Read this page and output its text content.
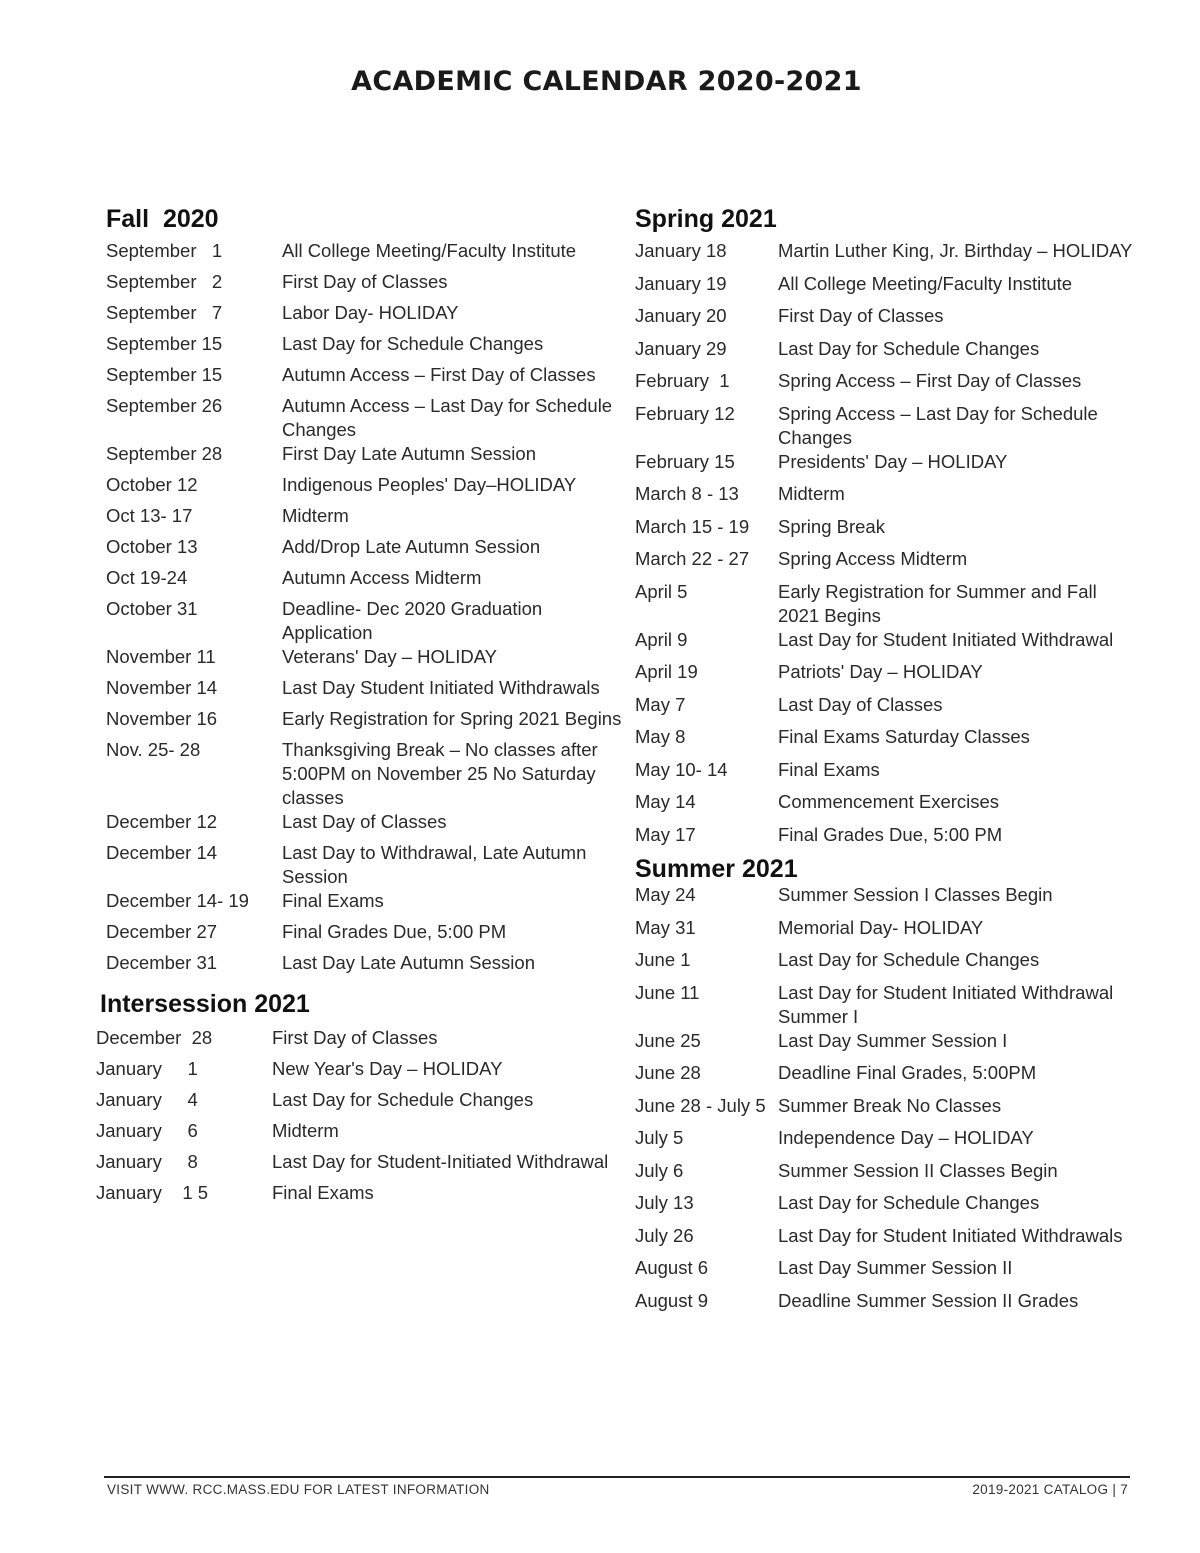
ACADEMIC CALENDAR 2020-2021
Fall  2020
September   1	All College Meeting/Faculty Institute
September   2	First Day of Classes
September   7	Labor Day- HOLIDAY
September 15	Last Day for Schedule Changes
September 15	Autumn Access – First Day of Classes
September 26	Autumn Access – Last Day for Schedule Changes
September 28	First Day Late Autumn Session
October 12	Indigenous Peoples' Day–HOLIDAY
Oct 13- 17	Midterm
October 13	Add/Drop Late Autumn Session
Oct 19-24	Autumn Access Midterm
October 31	Deadline- Dec 2020 Graduation Application
November 11	Veterans' Day – HOLIDAY
November 14	Last Day Student Initiated Withdrawals
November 16	Early Registration for Spring 2021 Begins
Nov. 25- 28	Thanksgiving Break – No classes after 5:00PM on November 25 No Saturday classes
December 12	Last Day of Classes
December 14	Last Day to Withdrawal, Late Autumn Session
December 14- 19	Final Exams
December 27	Final Grades Due, 5:00 PM
December 31	Last Day Late Autumn Session
Intersession 2021
December  28	First Day of Classes
January     1	New Year's Day – HOLIDAY
January     4	Last Day for Schedule Changes
January     6	Midterm
January     8	Last Day for Student-Initiated Withdrawal
January    1 5	Final Exams
Spring 2021
January 18	Martin Luther King, Jr. Birthday – HOLIDAY
January 19	All College Meeting/Faculty Institute
January 20	First Day of Classes
January 29	Last Day for Schedule Changes
February  1	Spring Access – First Day of Classes
February 12	Spring Access – Last Day for Schedule Changes
February 15	Presidents' Day – HOLIDAY
March 8 - 13	Midterm
March 15 - 19	Spring Break
March 22 - 27	Spring Access Midterm
April 5	Early Registration for Summer and Fall 2021 Begins
April 9	Last Day for Student Initiated Withdrawal
April 19	Patriots' Day – HOLIDAY
May 7	Last Day of Classes
May 8	Final Exams Saturday Classes
May 10- 14	Final Exams
May 14	Commencement Exercises
May 17	Final Grades Due, 5:00 PM
Summer 2021
May 24	Summer Session I Classes Begin
May 31	Memorial Day- HOLIDAY
June 1	Last Day for Schedule Changes
June 11	Last Day for Student Initiated Withdrawal Summer I
June 25	Last Day Summer Session I
June 28	Deadline Final Grades, 5:00PM
June 28 - July 5 Summer Break No Classes
July 5	Independence Day – HOLIDAY
July 6	Summer Session II Classes Begin
July 13	Last Day for Schedule Changes
July 26	Last Day for Student Initiated Withdrawals
August 6	Last Day Summer Session II
August 9	Deadline Summer Session II Grades
VISIT WWW. RCC.MASS.EDU FOR LATEST INFORMATION	2019-2021 CATALOG | 7
